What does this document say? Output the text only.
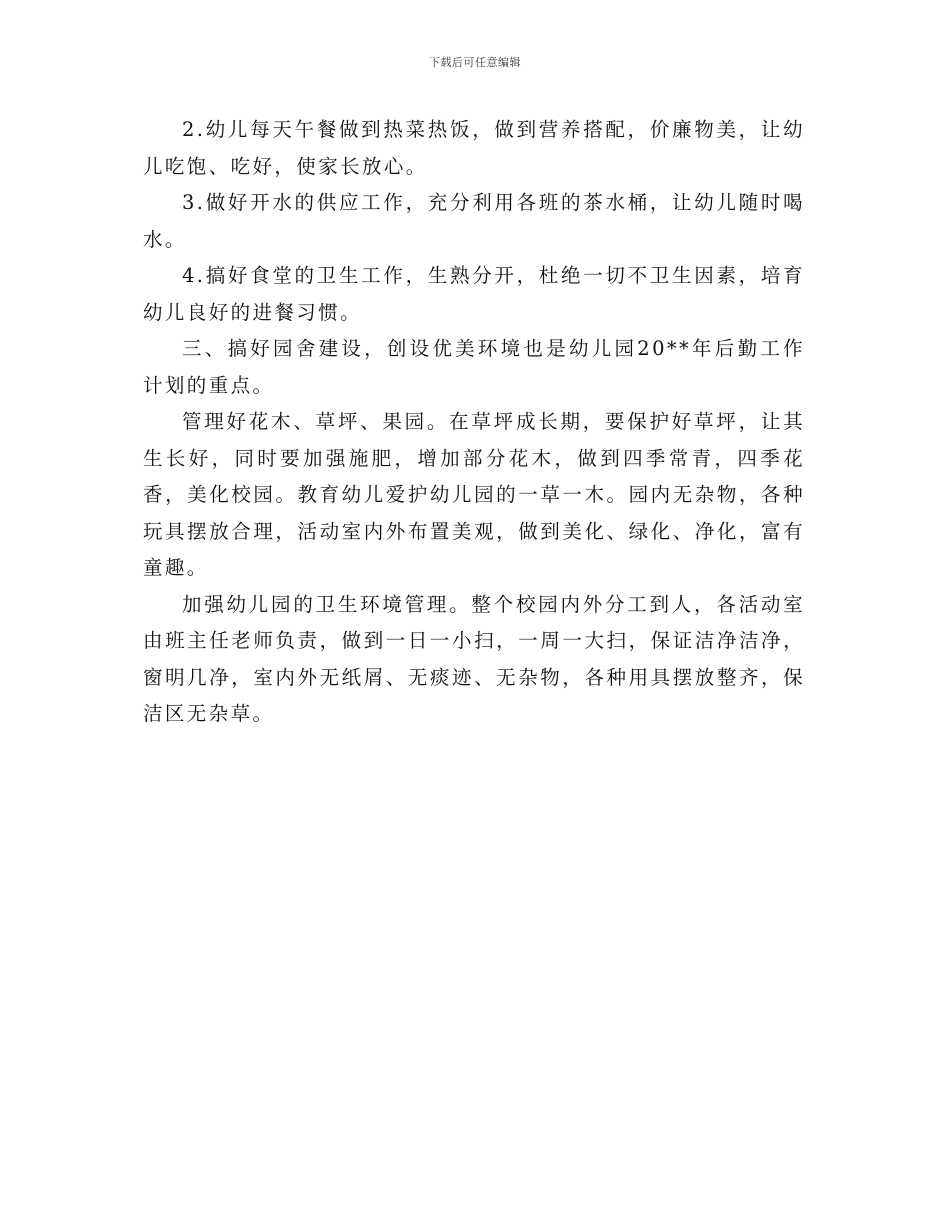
下载后可任意编辑

2.幼儿每天午餐做到热菜热饭，做到营养搭配，价廉物美，让幼儿吃饱、吃好，使家长放心。

3.做好开水的供应工作，充分利用各班的茶水桶，让幼儿随时喝水。

4.搞好食堂的卫生工作，生熟分开，杜绝一切不卫生因素，培育幼儿良好的进餐习惯。

三、搞好园舍建设，创设优美环境也是幼儿园20**年后勤工作计划的重点。

管理好花木、草坪、果园。在草坪成长期，要保护好草坪，让其生长好，同时要加强施肥，增加部分花木，做到四季常青，四季花香，美化校园。教育幼儿爱护幼儿园的一草一木。园内无杂物，各种玩具摆放合理，活动室内外布置美观，做到美化、绿化、净化，富有童趣。

加强幼儿园的卫生环境管理。整个校园内外分工到人，各活动室由班主任老师负责，做到一日一小扫，一周一大扫，保证洁净洁净，窗明几净，室内外无纸屑、无痰迹、无杂物，各种用具摆放整齐，保洁区无杂草。
